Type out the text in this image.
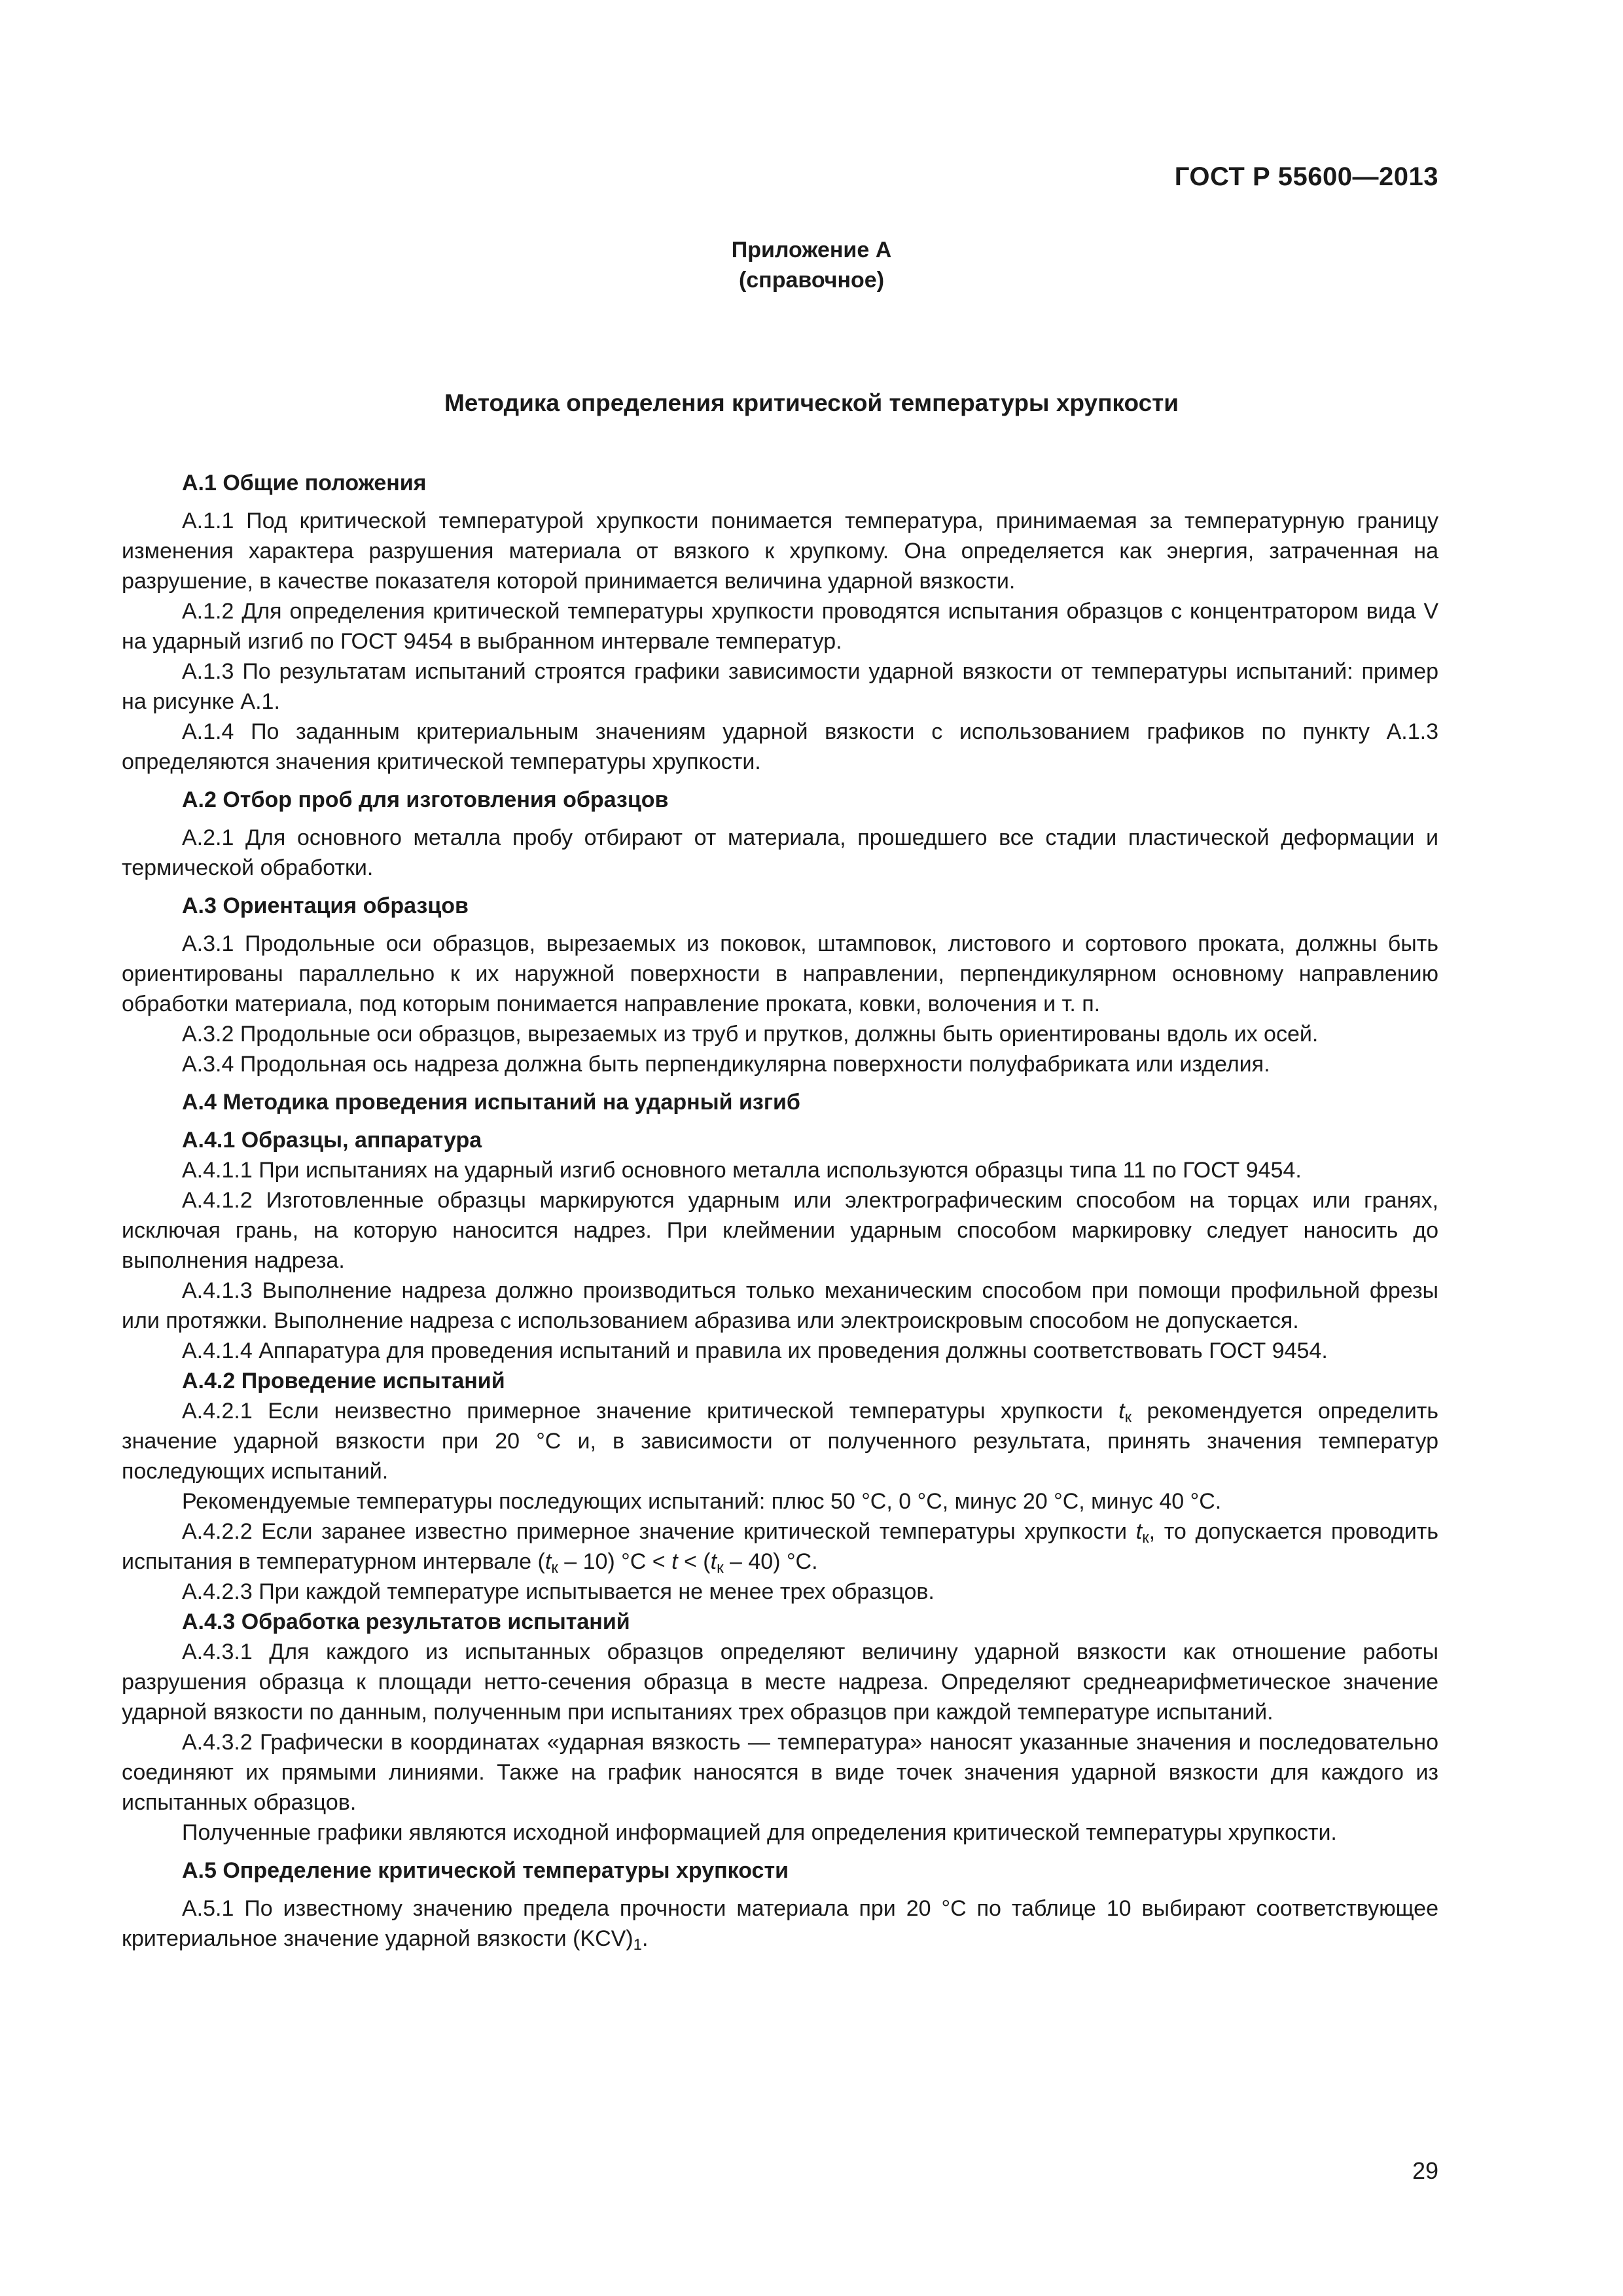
ГОСТ Р 55600—2013
Приложение А
(справочное)
Методика определения критической температуры хрупкости
А.1 Общие положения

А.1.1 Под критической температурой хрупкости понимается температура, принимаемая за температурную границу изменения характера разрушения материала от вязкого к хрупкому. Она определяется как энергия, затраченная на разрушение, в качестве показателя которой принимается величина ударной вязкости.

А.1.2 Для определения критической температуры хрупкости проводятся испытания образцов с концентратором вида V на ударный изгиб по ГОСТ 9454 в выбранном интервале температур.

А.1.3 По результатам испытаний строятся графики зависимости ударной вязкости от температуры испытаний: пример на рисунке А.1.

А.1.4 По заданным критериальным значениям ударной вязкости с использованием графиков по пункту А.1.3 определяются значения критической температуры хрупкости.

А.2 Отбор проб для изготовления образцов

А.2.1 Для основного металла пробу отбирают от материала, прошедшего все стадии пластической деформации и термической обработки.

А.3 Ориентация образцов

А.3.1 Продольные оси образцов, вырезаемых из поковок, штамповок, листового и сортового проката, должны быть ориентированы параллельно к их наружной поверхности в направлении, перпендикулярном основному направлению обработки материала, под которым понимается направление проката, ковки, волочения и т. п.

А.3.2 Продольные оси образцов, вырезаемых из труб и прутков, должны быть ориентированы вдоль их осей.

А.3.4 Продольная ось надреза должна быть перпендикулярна поверхности полуфабриката или изделия.

А.4 Методика проведения испытаний на ударный изгиб
А.4.1 Образцы, аппаратура

А.4.1.1 При испытаниях на ударный изгиб основного металла используются образцы типа 11 по ГОСТ 9454.

А.4.1.2 Изготовленные образцы маркируются ударным или электрографическим способом на торцах или гранях, исключая грань, на которую наносится надрез. При клеймении ударным способом маркировку следует наносить до выполнения надреза.

А.4.1.3 Выполнение надреза должно производиться только механическим способом при помощи профильной фрезы или протяжки. Выполнение надреза с использованием абразива или электроискровым способом не допускается.

А.4.1.4 Аппаратура для проведения испытаний и правила их проведения должны соответствовать ГОСТ 9454.

А.4.2 Проведение испытаний

А.4.2.1 Если неизвестно примерное значение критической температуры хрупкости $t_к$ рекомендуется определить значение ударной вязкости при 20 °С и, в зависимости от полученного результата, принять значения температур последующих испытаний.

Рекомендуемые температуры последующих испытаний: плюс 50 °С, 0 °С, минус 20 °С, минус 40 °С.

А.4.2.2 Если заранее известно примерное значение критической температуры хрупкости $t_к$, то допускается проводить испытания в температурном интервале $(t_к - 10) ^\circ С < t < (t_к - 40)$ °С.

А.4.2.3 При каждой температуре испытывается не менее трех образцов.

А.4.3 Обработка результатов испытаний

А.4.3.1 Для каждого из испытанных образцов определяют величину ударной вязкости как отношение работы разрушения образца к площади нетто-сечения образца в месте надреза. Определяют среднеарифметическое значение ударной вязкости по данным, полученным при испытаниях трех образцов при каждой температуре испытаний.

А.4.3.2 Графически в координатах «ударная вязкость — температура» наносят указанные значения и последовательно соединяют их прямыми линиями. Также на график наносятся в виде точек значения ударной вязкости для каждого из испытанных образцов.

Полученные графики являются исходной информацией для определения критической температуры хрупкости.

А.5 Определение критической температуры хрупкости

А.5.1 По известному значению предела прочности материала при 20 °С по таблице 10 выбирают соответствующее критериальное значение ударной вязкости $(KCV)_1$.

29
